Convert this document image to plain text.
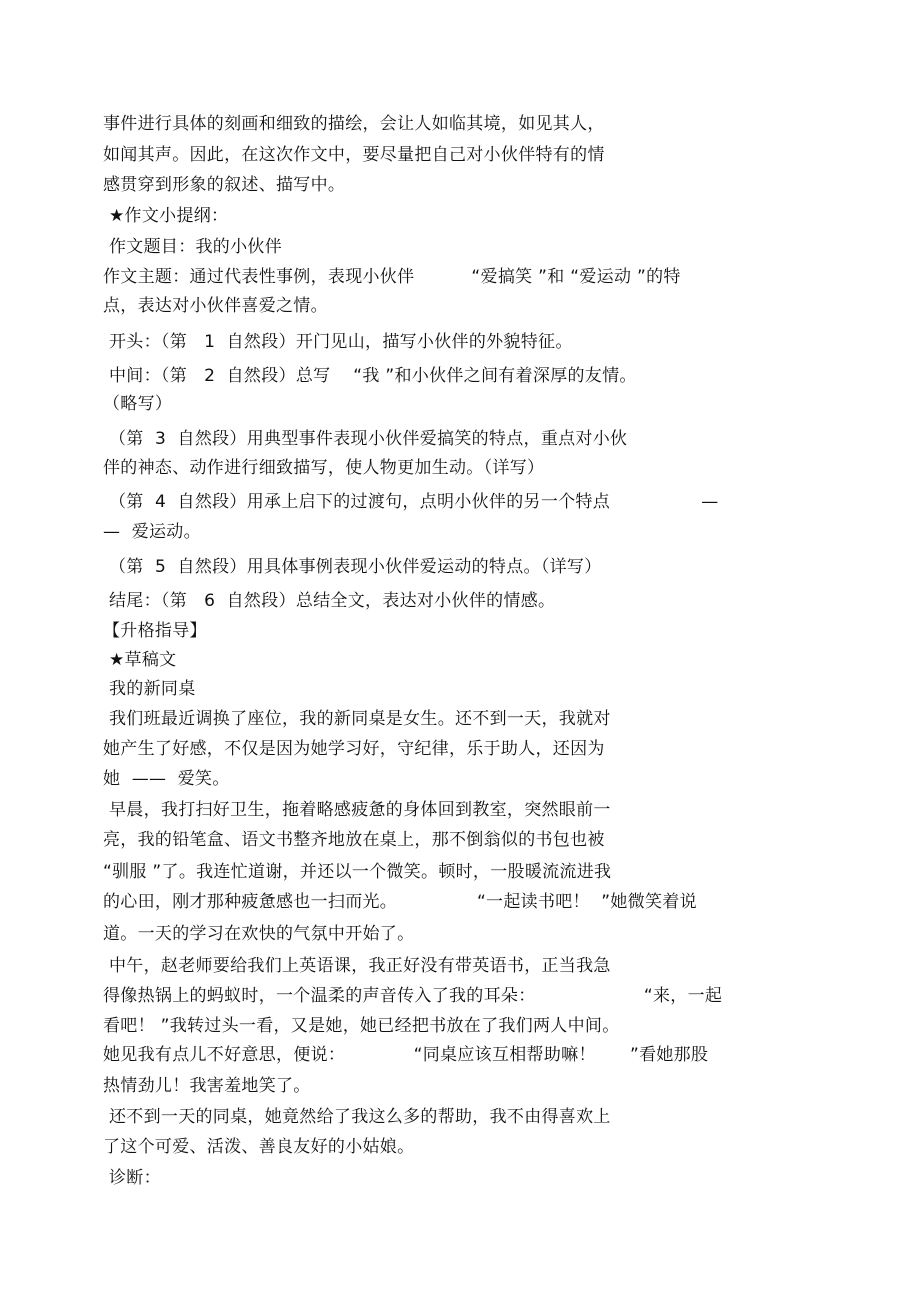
事件进行具体的刻画和细致的描绘，会让人如临其境，如见其人，
如闻其声。因此，在这次作文中，要尽量把自己对小伙伴特有的情
感贯穿到形象的叙述、描写中。
★作文小提纲：
作文题目：我的小伙伴
作文主题：通过代表性事例，表现小伙伴          “爱搞笑 ”和 “爱运动 ”的特
点，表达对小伙伴喜爱之情。
开头：（第   1  自然段）开门见山，描写小伙伴的外貌特征。
中间：（第   2  自然段）总写    “我 ”和小伙伴之间有着深厚的友情。
（略写）
（第  3  自然段）用典型事件表现小伙伴爱搞笑的特点，重点对小伙
伴的神态、动作进行细致描写，使人物更加生动。（详写）
（第  4  自然段）用承上启下的过渡句，点明小伙伴的另一个特点                —
—  爱运动。
（第  5  自然段）用具体事例表现小伙伴爱运动的特点。（详写）
结尾：（第   6  自然段）总结全文，表达对小伙伴的情感。
【升格指导】
★草稿文
我的新同桌
我们班最近调换了座位，我的新同桌是女生。还不到一天，我就对
她产生了好感，不仅是因为她学习好，守纪律，乐于助人，还因为
她  ——  爱笑。
早晨，我打扫好卫生，拖着略感疲惫的身体回到教室，突然眼前一
亮，我的铅笔盒、语文书整齐地放在桌上，那不倒翁似的书包也被
“驯服 ”了。我连忙道谢，并还以一个微笑。顿时，一股暖流流进我
的心田，刚才那种疲惫感也一扫而光。              “一起读书吧！  ”她微笑着说
道。一天的学习在欢快的气氛中开始了。
中午，赵老师要给我们上英语课，我正好没有带英语书，正当我急
得像热锅上的蚂蚁时，一个温柔的声音传入了我的耳朵：                   “来，一起
看吧！ ”我转过头一看，又是她，她已经把书放在了我们两人中间。
她见我有点儿不好意思，便说：            “同桌应该互相帮助嘛！      ”看她那股
热情劲儿！我害羞地笑了。
还不到一天的同桌，她竟然给了我这么多的帮助，我不由得喜欢上
了这个可爱、活泼、善良友好的小姑娘。
诊断：
